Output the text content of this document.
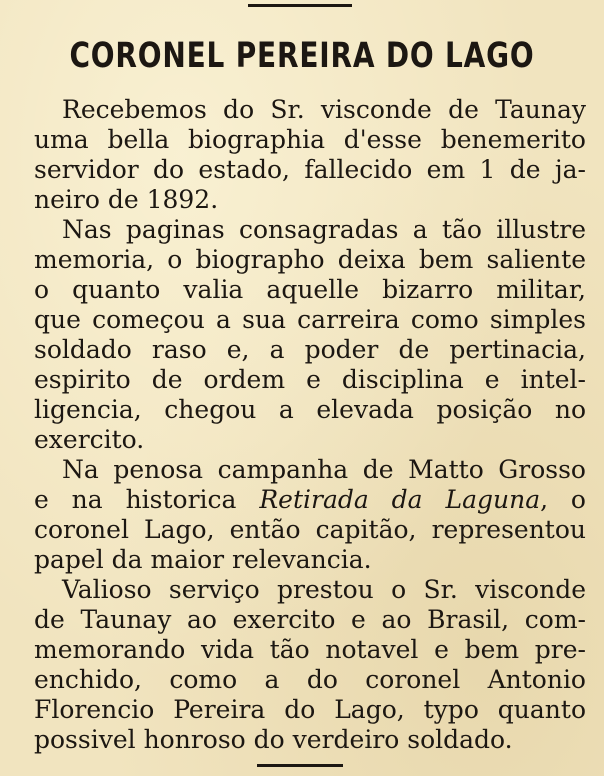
CORONEL PEREIRA DO LAGO
Recebemos do Sr. visconde de Taunay
uma bella biographia d'esse benemerito
servidor do estado, fallecido em 1 de ja-
neiro de 1892.
Nas paginas consagradas a tão illustre
memoria, o biographo deixa bem saliente
o quanto valia aquelle bizarro militar,
que começou a sua carreira como simples
soldado raso e, a poder de pertinacia,
espirito de ordem e disciplina e intel-
ligencia, chegou a elevada posição no
exercito.
Na penosa campanha de Matto Grosso
e na historica Retirada da Laguna, o
coronel Lago, então capitão, representou
papel da maior relevancia.
Valioso serviço prestou o Sr. visconde
de Taunay ao exercito e ao Brasil, com-
memorando vida tão notavel e bem pre-
enchido, como a do coronel Antonio
Florencio Pereira do Lago, typo quanto
possivel honroso do verdeiro soldado.
